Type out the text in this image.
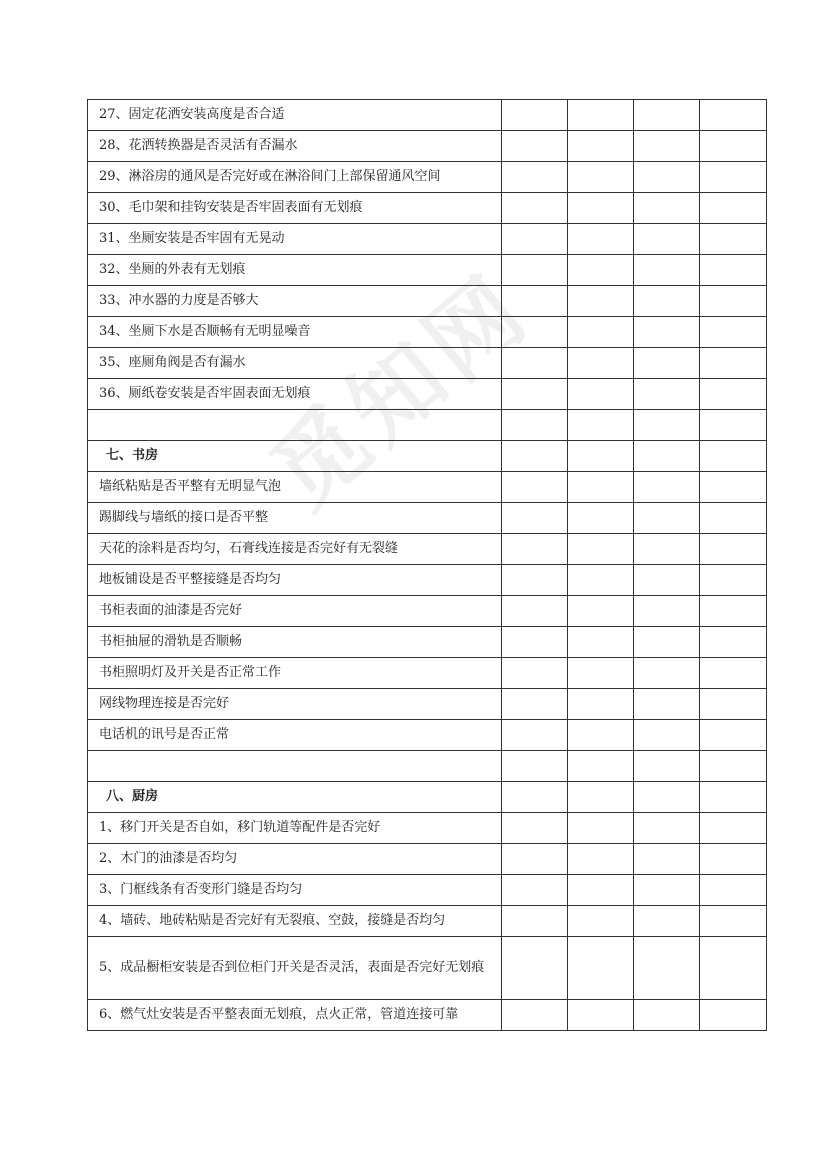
觅知网
27、固定花洒安装高度是否合适				
28、花洒转换器是否灵活有否漏水				
29、淋浴房的通风是否完好或在淋浴间门上部保留通风空间				
30、毛巾架和挂钩安装是否牢固表面有无划痕				
31、坐厕安装是否牢固有无晃动				
32、坐厕的外表有无划痕				
33、冲水器的力度是否够大				
34、坐厕下水是否顺畅有无明显噪音				
35、座厕角阀是否有漏水				
36、厕纸卷安装是否牢固表面无划痕				

七、书房				
墙纸粘贴是否平整有无明显气泡				
踢脚线与墙纸的接口是否平整				
天花的涂料是否均匀，石膏线连接是否完好有无裂缝				
地板铺设是否平整接缝是否均匀				
书柜表面的油漆是否完好				
书柜抽屉的滑轨是否顺畅				
书柜照明灯及开关是否正常工作				
网线物理连接是否完好				
电话机的讯号是否正常				

八、厨房				
1、移门开关是否自如，移门轨道等配件是否完好				
2、木门的油漆是否均匀				
3、门框线条有否变形门缝是否均匀				
4、墙砖、地砖粘贴是否完好有无裂痕、空鼓，接缝是否均匀				
5、成品橱柜安装是否到位柜门开关是否灵活，表面是否完好无划痕				
6、燃气灶安装是否平整表面无划痕，点火正常，管道连接可靠				
